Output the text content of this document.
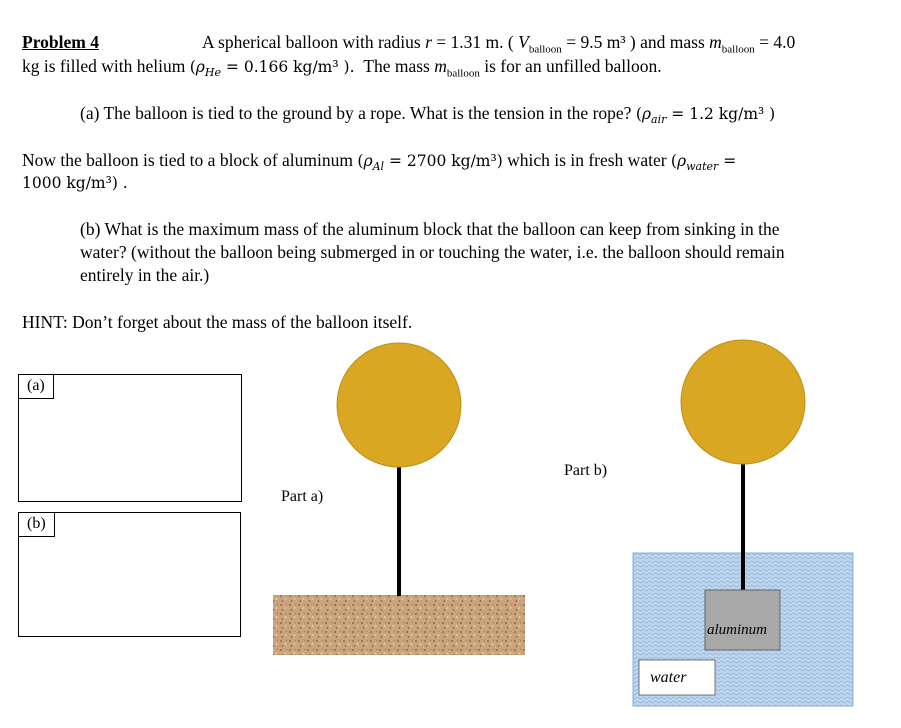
Problem 4	A spherical balloon with radius r = 1.31 m. ( $V_{balloon} = 9.5$ m³ ) and mass $m_{balloon} = 4.0$
kg is filled with helium ($\rho_{He} = 0.166$ kg/m³ ). The mass $m_{balloon}$ is for an unfilled balloon.
(a) The balloon is tied to the ground by a rope. What is the tension in the rope? ($\rho_{air} = 1.2$ kg/m³ )
Now the balloon is tied to a block of aluminum ($\rho_{Al} = 2700$ kg/m³) which is in fresh water ($\rho_{water}$ =
1000 kg/m³) .
(b) What is the maximum mass of the aluminum block that the balloon can keep from sinking in the
water? (without the balloon being submerged in or touching the water, i.e. the balloon should remain
entirely in the air.)
HINT: Don’t forget about the mass of the balloon itself.
(a)
(b)
Part a)
Part b)
aluminum
water
